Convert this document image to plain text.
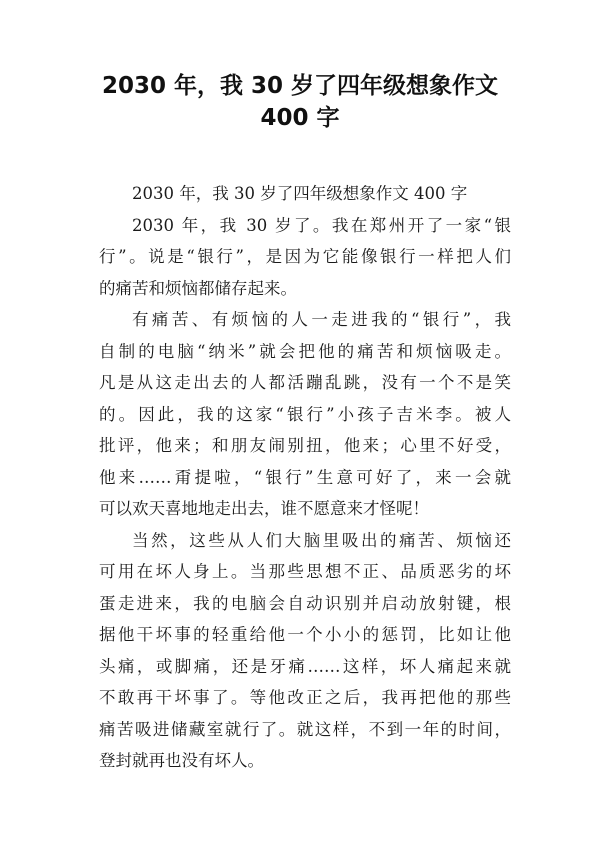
2030 年，我 30 岁了四年级想象作文
400 字
2030 年，我 30 岁了四年级想象作文 400 字
2030 年，我 30 岁了。我在郑州开了一家“银
行”。说是“银行”，是因为它能像银行一样把人们
的痛苦和烦恼都储存起来。
有痛苦、有烦恼的人一走进我的“银行”，我
自制的电脑“纳米”就会把他的痛苦和烦恼吸走。
凡是从这走出去的人都活蹦乱跳，没有一个不是笑
的。因此，我的这家“银行”小孩子吉米李。被人
批评，他来；和朋友闹别扭，他来；心里不好受，
他来……甭提啦，“银行”生意可好了，来一会就
可以欢天喜地地走出去，谁不愿意来才怪呢！
当然，这些从人们大脑里吸出的痛苦、烦恼还
可用在坏人身上。当那些思想不正、品质恶劣的坏
蛋走进来，我的电脑会自动识别并启动放射键，根
据他干坏事的轻重给他一个小小的惩罚，比如让他
头痛，或脚痛，还是牙痛……这样，坏人痛起来就
不敢再干坏事了。等他改正之后，我再把他的那些
痛苦吸进储藏室就行了。就这样，不到一年的时间，
登封就再也没有坏人。
